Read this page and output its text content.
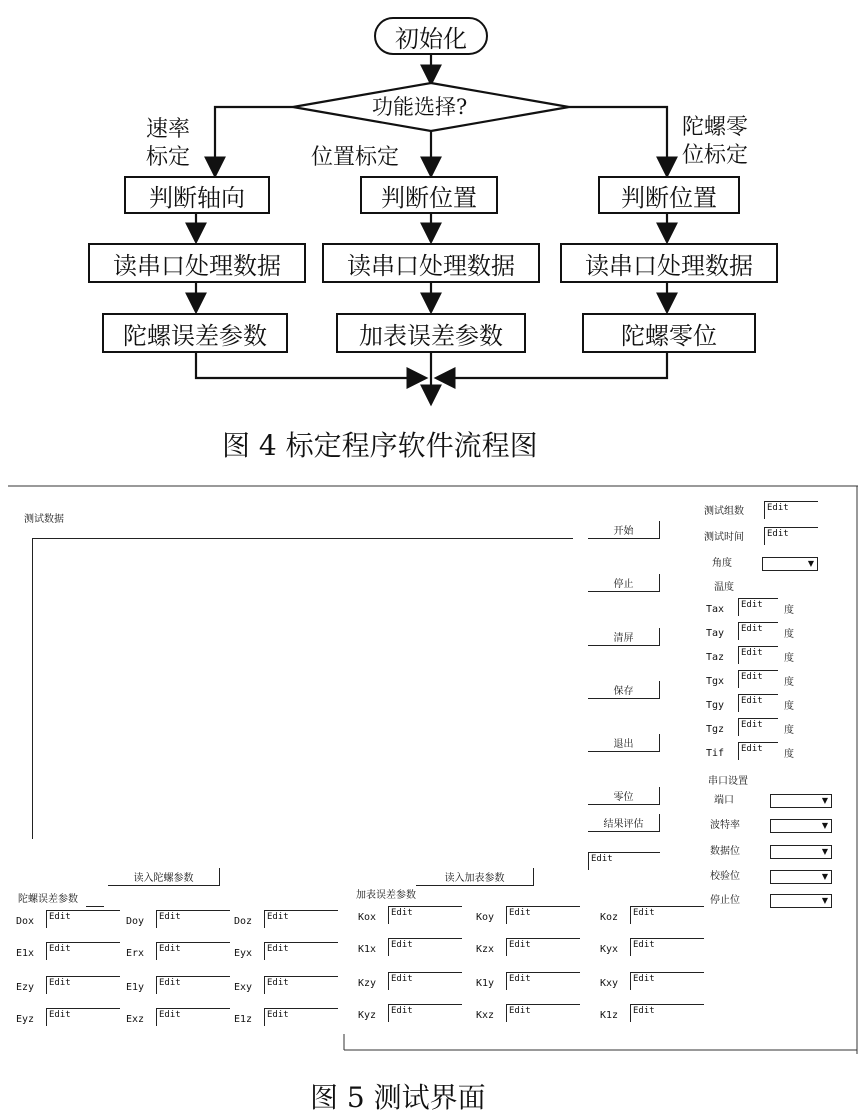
初始化
功能选择?
速率
标定	位置标定
陀螺零
位标定
判断轴向
读串口处理数据
陀螺误差参数
判断位置
读串口处理数据
加表误差参数
判断位置
读串口处理数据
陀螺零位
图 4 标定程序软件流程图
测试数据
开始
停止
清屏
保存
退出
零位
结果评估
Edit
测试组数	Edit
测试时间	Edit
角度	▼
温度
Tax	Edit	度
Tay	Edit	度
Taz	Edit	度
Tgx	Edit	度
Tgy	Edit	度
Tgz	Edit	度
Tif	Edit	度
串口设置
端口	▼
波特率	▼
数据位	▼
校验位	▼
停止位	▼
读入陀螺参数	读入加表参数
陀螺误差参数	加表误差参数
Dox	Edit	Doy	Edit	Doz	Edit
E1x	Edit	Erx	Edit	Eyx	Edit
Ezy	Edit	E1y	Edit	Exy	Edit
Eyz	Edit	Exz	Edit	E1z	Edit
Kox	Edit	Koy	Edit	Koz	Edit
K1x	Edit	Kzx	Edit	Kyx	Edit
Kzy	Edit	K1y	Edit	Kxy	Edit
Kyz	Edit	Kxz	Edit	K1z	Edit
图 5 测试界面
